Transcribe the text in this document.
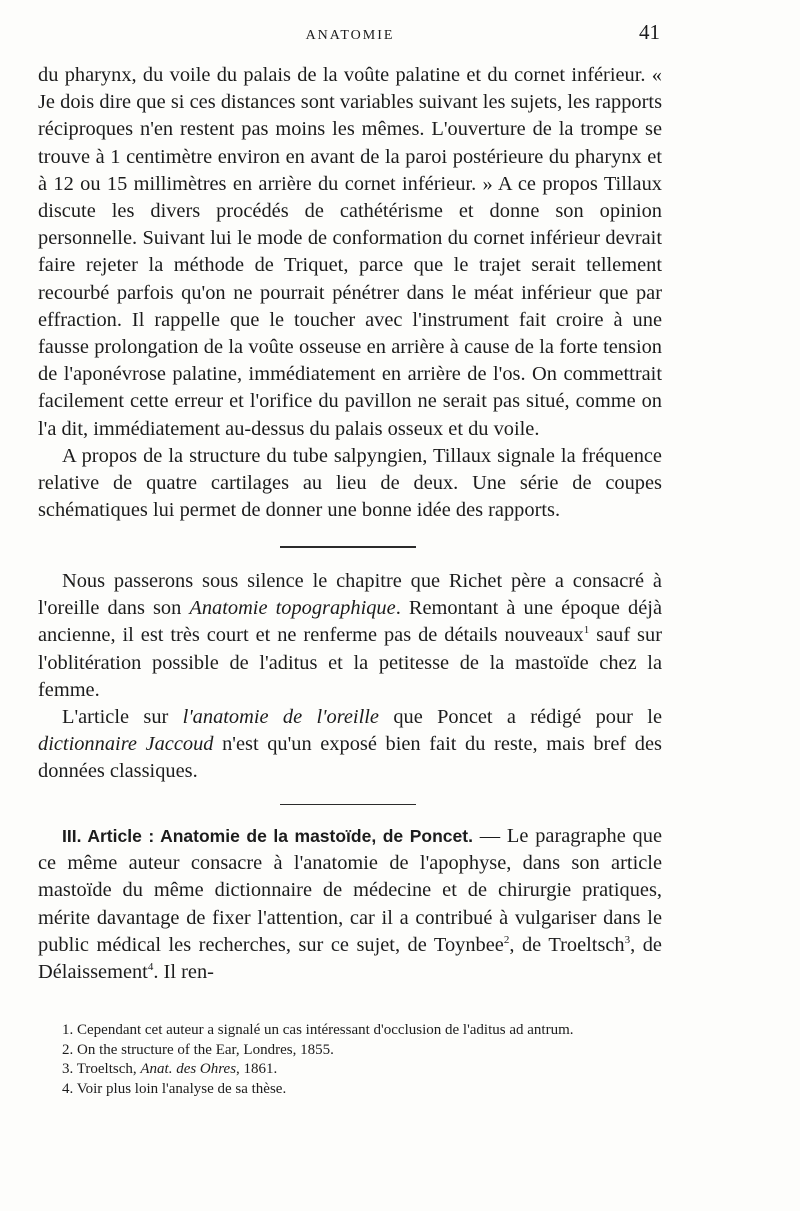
ANATOMIE	41

du pharynx, du voile du palais de la voûte palatine et du cornet inférieur. « Je dois dire que si ces distances sont variables suivant les sujets, les rapports réciproques n'en restent pas moins les mêmes. L'ouverture de la trompe se trouve à 1 centimètre environ en avant de la paroi postérieure du pharynx et à 12 ou 15 millimètres en arrière du cornet inférieur. » A ce propos Tillaux discute les divers procédés de cathétérisme et donne son opinion personnelle. Suivant lui le mode de conformation du cornet inférieur devrait faire rejeter la méthode de Triquet, parce que le trajet serait tellement recourbé parfois qu'on ne pourrait pénétrer dans le méat inférieur que par effraction. Il rappelle que le toucher avec l'instrument fait croire à une fausse prolongation de la voûte osseuse en arrière à cause de la forte tension de l'aponévrose palatine, immédiatement en arrière de l'os. On commettrait facilement cette erreur et l'orifice du pavillon ne serait pas situé, comme on l'a dit, immédiatement au-dessus du palais osseux et du voile.

A propos de la structure du tube salpyngien, Tillaux signale la fréquence relative de quatre cartilages au lieu de deux. Une série de coupes schématiques lui permet de donner une bonne idée des rapports.

Nous passerons sous silence le chapitre que Richet père a consacré à l'oreille dans son Anatomie topographique. Remontant à une époque déjà ancienne, il est très court et ne renferme pas de détails nouveaux$^1$ sauf sur l'oblitération possible de l'aditus et la petitesse de la mastoïde chez la femme.

L'article sur l'anatomie de l'oreille que Poncet a rédigé pour le dictionnaire Jaccoud n'est qu'un exposé bien fait du reste, mais bref des données classiques.

III. Article : Anatomie de la mastoïde, de Poncet. — Le paragraphe que ce même auteur consacre à l'anatomie de l'apophyse, dans son article mastoïde du même dictionnaire de médecine et de chirurgie pratiques, mérite davantage de fixer l'attention, car il a contribué à vulgariser dans le public médical les recherches, sur ce sujet, de Toynbee$^2$, de Troeltsch$^3$, de Délaissement$^4$. Il ren-

1. Cependant cet auteur a signalé un cas intéressant d'occlusion de l'aditus ad antrum.

2. On the structure of the Ear, Londres, 1855.

3. Troeltsch, Anat. des Ohres, 1861.

4. Voir plus loin l'analyse de sa thèse.
